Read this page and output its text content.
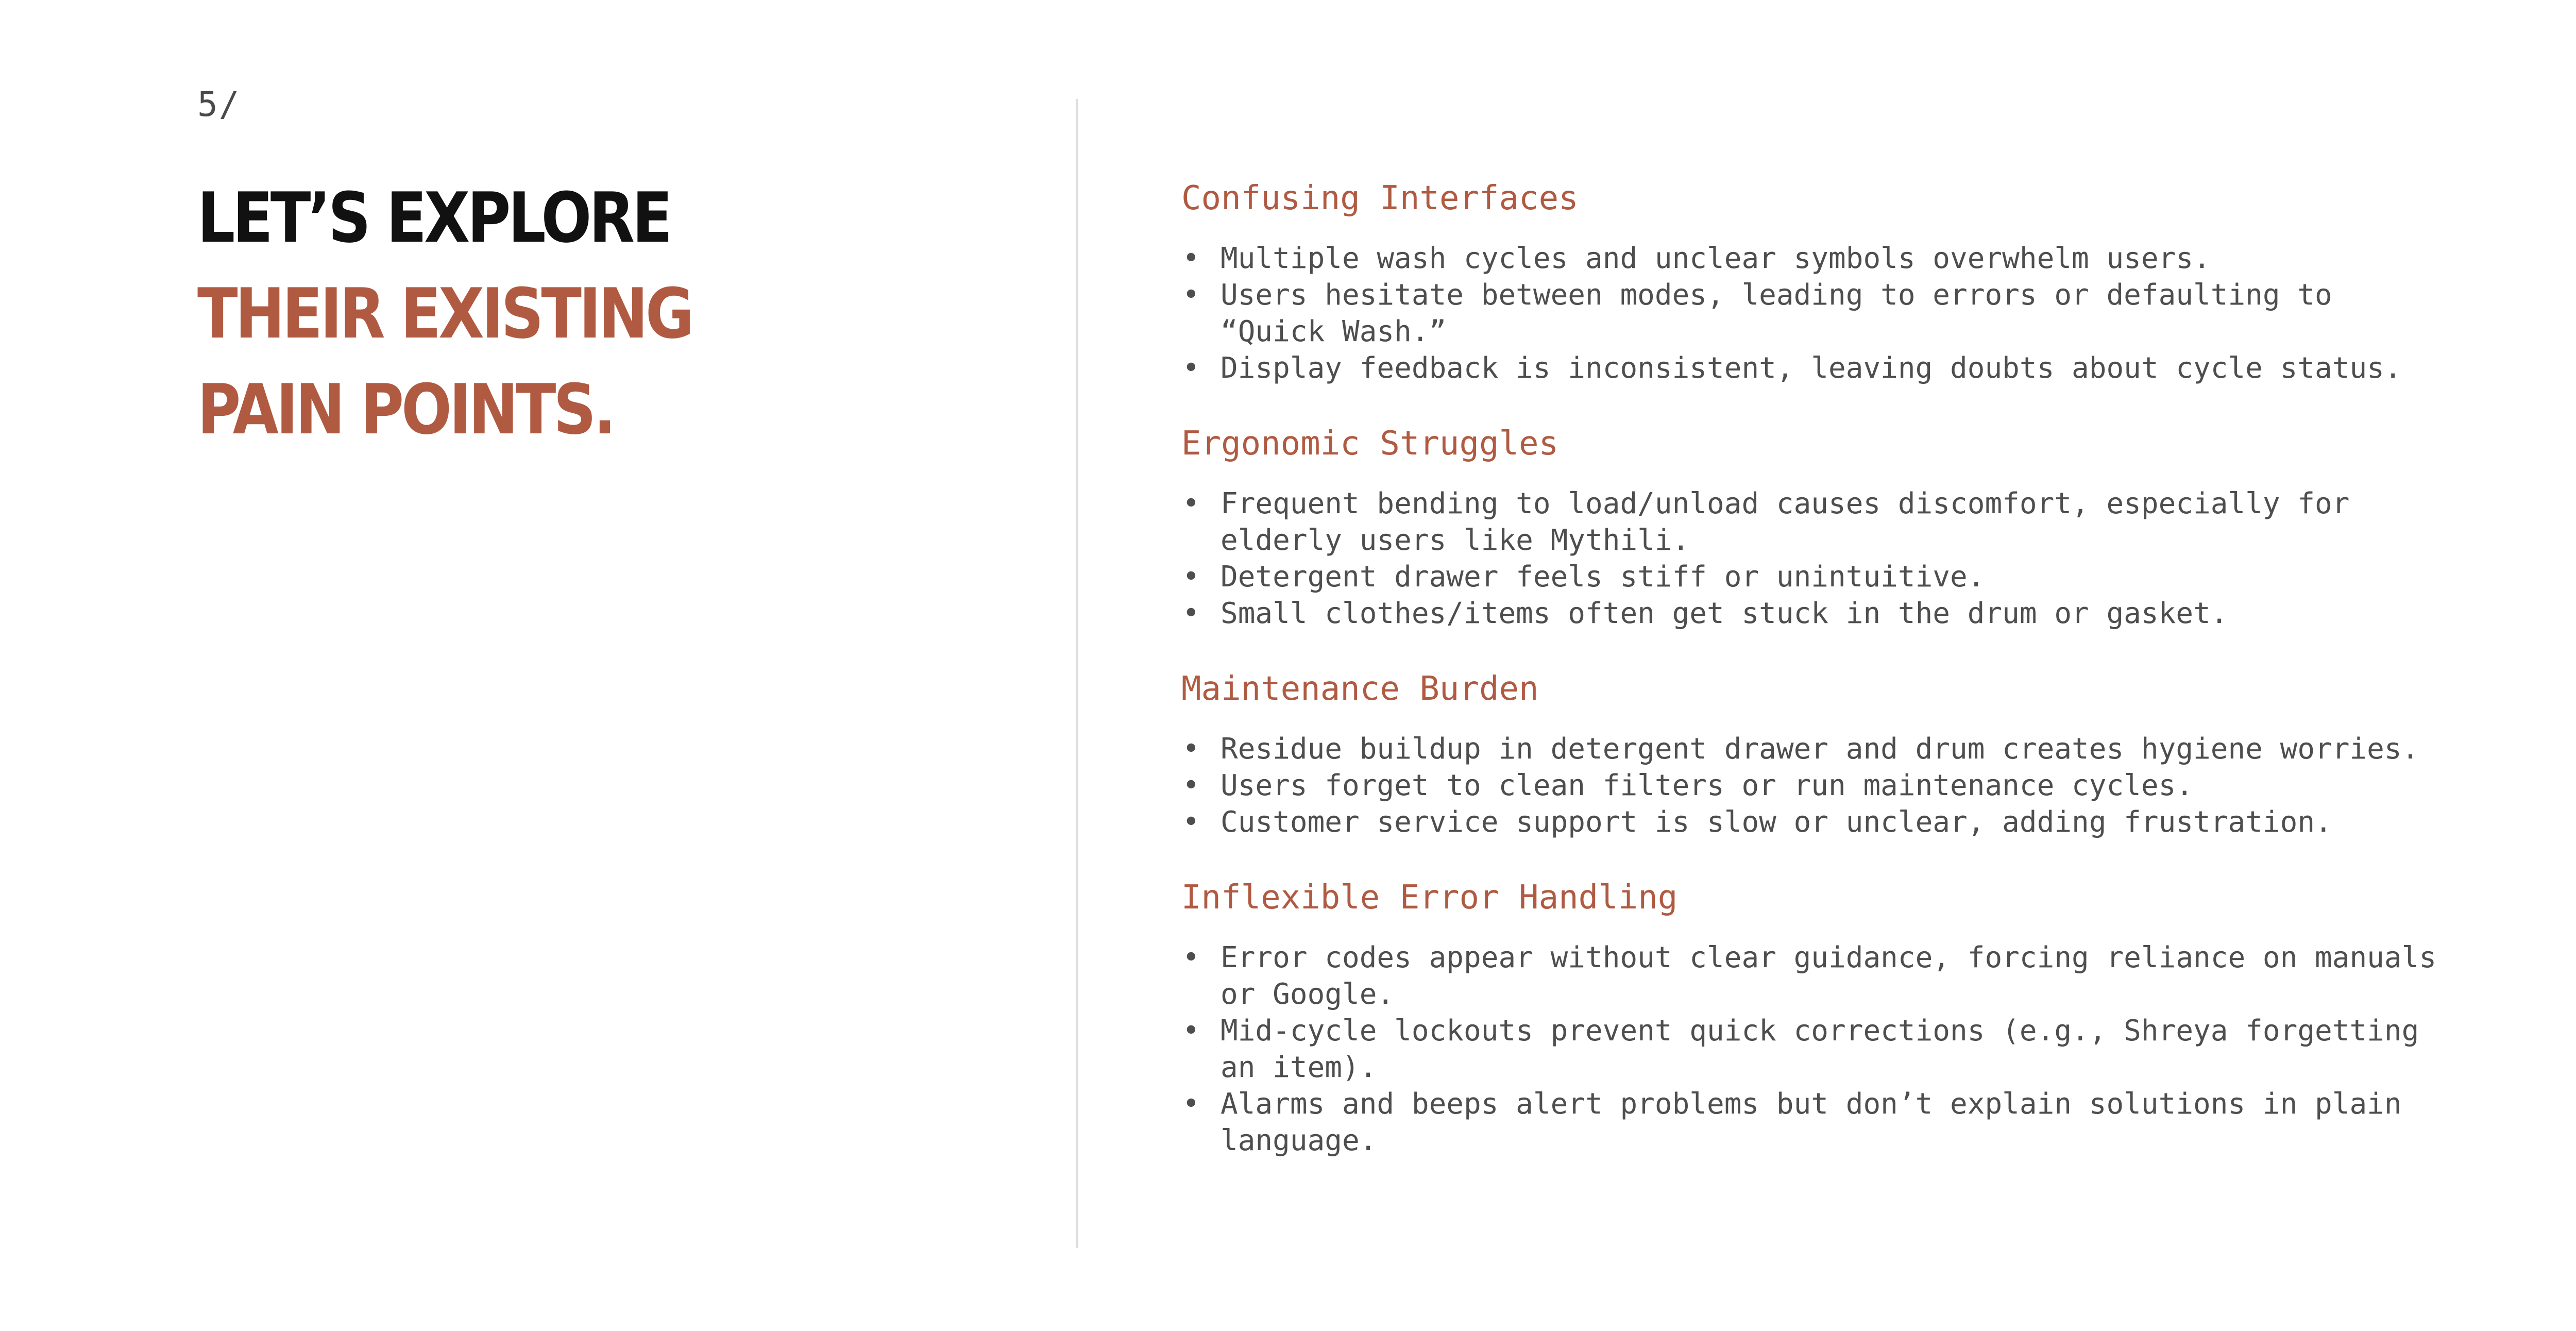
5/
LET’S EXPLORE
THEIR EXISTING
PAIN POINTS.
Confusing Interfaces
• Multiple wash cycles and unclear symbols overwhelm users.
• Users hesitate between modes, leading to errors or defaulting to “Quick Wash.”
• Display feedback is inconsistent, leaving doubts about cycle status.
Ergonomic Struggles
• Frequent bending to load/unload causes discomfort, especially for elderly users like Mythili.
• Detergent drawer feels stiff or unintuitive.
• Small clothes/items often get stuck in the drum or gasket.
Maintenance Burden
• Residue buildup in detergent drawer and drum creates hygiene worries.
• Users forget to clean filters or run maintenance cycles.
• Customer service support is slow or unclear, adding frustration.
Inflexible Error Handling
• Error codes appear without clear guidance, forcing reliance on manuals or Google.
• Mid-cycle lockouts prevent quick corrections (e.g., Shreya forgetting an item).
• Alarms and beeps alert problems but don’t explain solutions in plain language.
